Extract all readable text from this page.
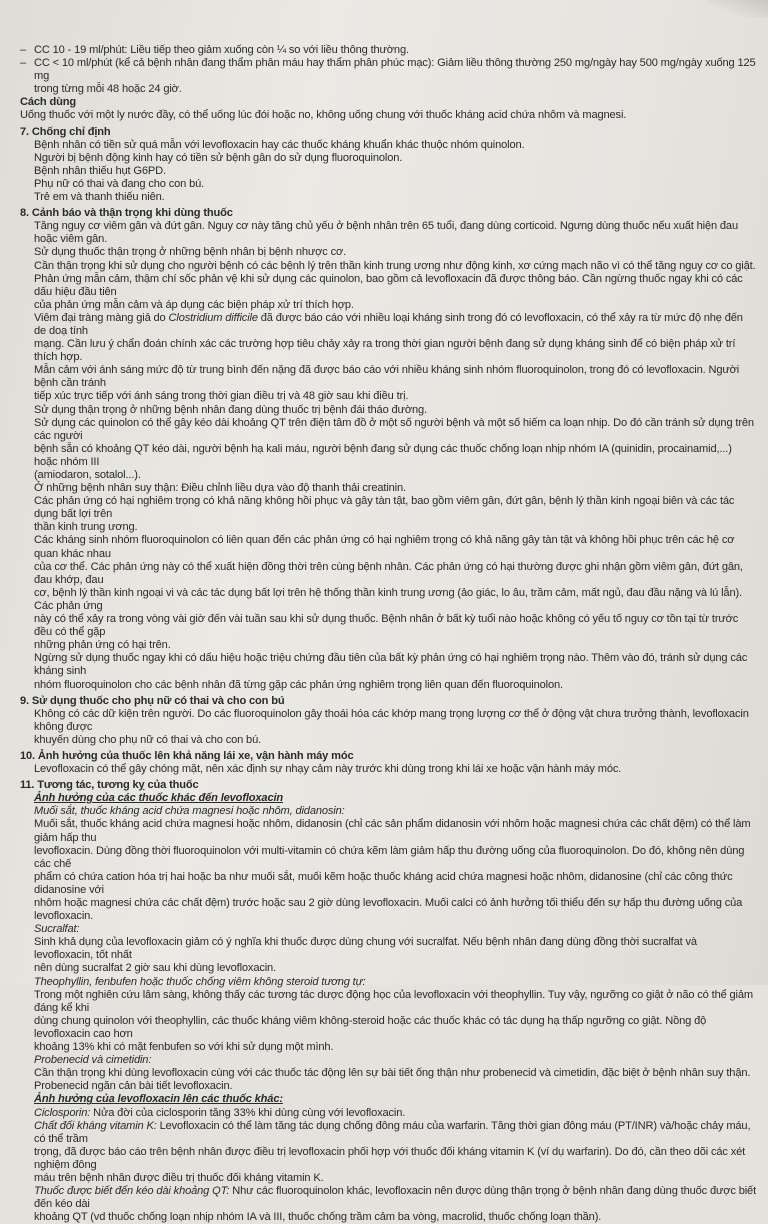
– CC 10 - 19 ml/phút: Liều tiếp theo giảm xuống còn ¼ so với liều thông thường.

– CC < 10 ml/phút (kể cả bệnh nhân đang thẩm phân máu hay thẩm phân phúc mạc): Giảm liều thông thường 250 mg/ngày hay 500 mg/ngày xuống 125 mg

trong từng mỗi 48 hoặc 24 giờ.

Cách dùng

Uống thuốc với một ly nước đầy, có thể uống lúc đói hoặc no, không uống chung với thuốc kháng acid chứa nhôm và magnesi.

7. Chống chỉ định

Bệnh nhân có tiền sử quá mẫn với levofloxacin hay các thuốc kháng khuẩn khác thuộc nhóm quinolon.

Người bị bệnh động kinh hay có tiền sử bệnh gân do sử dụng fluoroquinolon.

Bệnh nhân thiếu hụt G6PD.

Phụ nữ có thai và đang cho con bú.

Trẻ em và thanh thiếu niên.

8. Cảnh báo và thận trọng khi dùng thuốc

Tăng nguy cơ viêm gân và đứt gân. Nguy cơ này tăng chủ yếu ở bệnh nhân trên 65 tuổi, đang dùng corticoid. Ngưng dùng thuốc nếu xuất hiện đau hoặc viêm gân.

Sử dụng thuốc thận trọng ở những bệnh nhân bị bệnh nhược cơ.

Cần thận trọng khi sử dụng cho người bệnh có các bệnh lý trên thần kinh trung ương như động kinh, xơ cứng mạch não vì có thể tăng nguy cơ co giật.

Phản ứng mẫn cảm, thậm chí sốc phản vệ khi sử dụng các quinolon, bao gồm cả levofloxacin đã được thông báo. Cần ngừng thuốc ngay khi có các dấu hiệu đầu tiên

của phản ứng mẫn cảm và áp dụng các biện pháp xử trí thích hợp.

Viêm đại tràng màng giả do Clostridium difficile đã được báo cáo với nhiều loại kháng sinh trong đó có levofloxacin, có thể xảy ra từ mức độ nhẹ đến de doạ tính

mạng. Cần lưu ý chẩn đoán chính xác các trường hợp tiêu chảy xảy ra trong thời gian người bệnh đang sử dụng kháng sinh để có biện pháp xử trí thích hợp.

Mẫn cảm với ánh sáng mức độ từ trung bình đến nặng đã được báo cáo với nhiều kháng sinh nhóm fluoroquinolon, trong đó có levofloxacin. Người bệnh cần tránh

tiếp xúc trực tiếp với ánh sáng trong thời gian điều trị và 48 giờ sau khi điều trị.

Sử dụng thận trọng ở những bệnh nhân đang dùng thuốc trị bệnh đái tháo đường.

Sử dụng các quinolon có thể gây kéo dài khoảng QT trên điện tâm đồ ở một số người bệnh và một số hiếm ca loạn nhịp. Do đó cần tránh sử dụng trên các người

bệnh sẵn có khoảng QT kéo dài, người bệnh hạ kali máu, người bệnh đang sử dụng các thuốc chống loạn nhịp nhóm IA (quinidin, procainamid,...) hoặc nhóm III

(amiodaron, sotalol...).

Ở những bệnh nhân suy thận: Điều chỉnh liều dựa vào độ thanh thải creatinin.

Các phản ứng có hại nghiêm trọng có khả năng không hồi phục và gây tàn tật, bao gồm viêm gân, đứt gân, bệnh lý thần kinh ngoại biên và các tác dụng bất lợi trên

thần kinh trung ương.

Các kháng sinh nhóm fluoroquinolon có liên quan đến các phản ứng có hại nghiêm trọng có khả năng gây tàn tật và không hồi phục trên các hệ cơ quan khác nhau

của cơ thể. Các phản ứng này có thể xuất hiện đồng thời trên cùng bệnh nhân. Các phản ứng có hại thường được ghi nhận gồm viêm gân, đứt gân, đau khớp, đau

cơ, bệnh lý thần kinh ngoại vi và các tác dụng bất lợi trên hệ thống thần kinh trung ương (ảo giác, lo âu, trầm cảm, mất ngủ, đau đầu nặng và lú lẫn). Các phản ứng

này có thể xảy ra trong vòng vài giờ đến vài tuần sau khi sử dụng thuốc. Bệnh nhân ở bất kỳ tuổi nào hoặc không có yếu tố nguy cơ tồn tại từ trước đều có thể gặp

những phản ứng có hại trên.

Ngừng sử dụng thuốc ngay khi có dấu hiệu hoặc triệu chứng đầu tiên của bất kỳ phản ứng có hại nghiêm trọng nào. Thêm vào đó, tránh sử dụng các kháng sinh

nhóm fluoroquinolon cho các bệnh nhân đã từng gặp các phản ứng nghiêm trọng liên quan đến fluoroquinolon.

9. Sử dụng thuốc cho phụ nữ có thai và cho con bú

Không có các dữ kiện trên người. Do các fluoroquinolon gây thoái hóa các khớp mang trọng lượng cơ thể ở động vật chưa trưởng thành, levofloxacin không được

khuyến dùng cho phụ nữ có thai và cho con bú.

10. Ảnh hưởng của thuốc lên khả năng lái xe, vận hành máy móc

Levofloxacin có thể gây chóng mặt, nên xác định sự nhạy cảm này trước khi dùng trong khi lái xe hoặc vận hành máy móc.

11. Tương tác, tương kỵ của thuốc

Ảnh hưởng của các thuốc khác đến levofloxacin

Muối sắt, thuốc kháng acid chứa magnesi hoặc nhôm, didanosin:

Muối sắt, thuốc kháng acid chứa magnesi hoặc nhôm, didanosin (chỉ các sản phẩm didanosin với nhôm hoặc magnesi chứa các chất đệm) có thể làm giảm hấp thu

levofloxacin. Dùng đồng thời fluoroquinolon với multi-vitamin có chứa kẽm làm giảm hấp thu đường uống của fluoroquinolon. Do đó, không nên dùng các chế

phẩm có chứa cation hóa trị hai hoặc ba như muối sắt, muối kẽm hoặc thuốc kháng acid chứa magnesi hoặc nhôm, didanosine (chỉ các công thức didanosine với

nhôm hoặc magnesi chứa các chất đệm) trước hoặc sau 2 giờ dùng levofloxacin. Muối calci có ảnh hưởng tối thiểu đến sự hấp thu đường uống của levofloxacin.

Sucralfat:

Sinh khả dụng của levofloxacin giảm có ý nghĩa khi thuốc được dùng chung với sucralfat. Nếu bệnh nhân đang dùng đồng thời sucralfat và levofloxacin, tốt nhất

nên dùng sucralfat 2 giờ sau khi dùng levofloxacin.

Theophyllin, fenbufen hoặc thuốc chống viêm không steroid tương tự:

Trong một nghiên cứu lâm sàng, không thấy các tương tác dược động học của levofloxacin với theophyllin. Tuy vậy, ngưỡng co giật ở não có thể giảm đáng kể khi

dùng chung quinolon với theophyllin, các thuốc kháng viêm không-steroid hoặc các thuốc khác có tác dụng hạ thấp ngưỡng co giật. Nồng độ levofloxacin cao hơn

khoảng 13% khi có mặt fenbufen so với khi sử dụng một mình.

Probenecid và cimetidin:

Cần thận trọng khi dùng levofloxacin cùng với các thuốc tác động lên sự bài tiết ống thận như probenecid và cimetidin, đặc biệt ở bệnh nhân suy thận.

Probenecid ngăn cản bài tiết levofloxacin.

Ảnh hưởng của levofloxacin lên các thuốc khác:

Ciclosporin: Nửa đời của ciclosporin tăng 33% khi dùng cùng với levofloxacin.

Chất đối kháng vitamin K: Levofloxacin có thể làm tăng tác dụng chống đông máu của warfarin. Tăng thời gian đông máu (PT/INR) và/hoặc chảy máu, có thể trầm

trọng, đã được báo cáo trên bệnh nhân được điều trị levofloxacin phối hợp với thuốc đối kháng vitamin K (ví dụ warfarin). Do đó, cần theo dõi các xét nghiệm đông

máu trên bệnh nhân được điều trị thuốc đối kháng vitamin K.

Thuốc được biết đến kéo dài khoảng QT: Như các fluoroquinolon khác, levofloxacin nên được dùng thận trọng ở bệnh nhân đang dùng thuốc được biết đến kéo dài

khoảng QT (vd thuốc chống loạn nhịp nhóm IA và III, thuốc chống trầm cảm ba vòng, macrolid, thuốc chống loạn thần).
